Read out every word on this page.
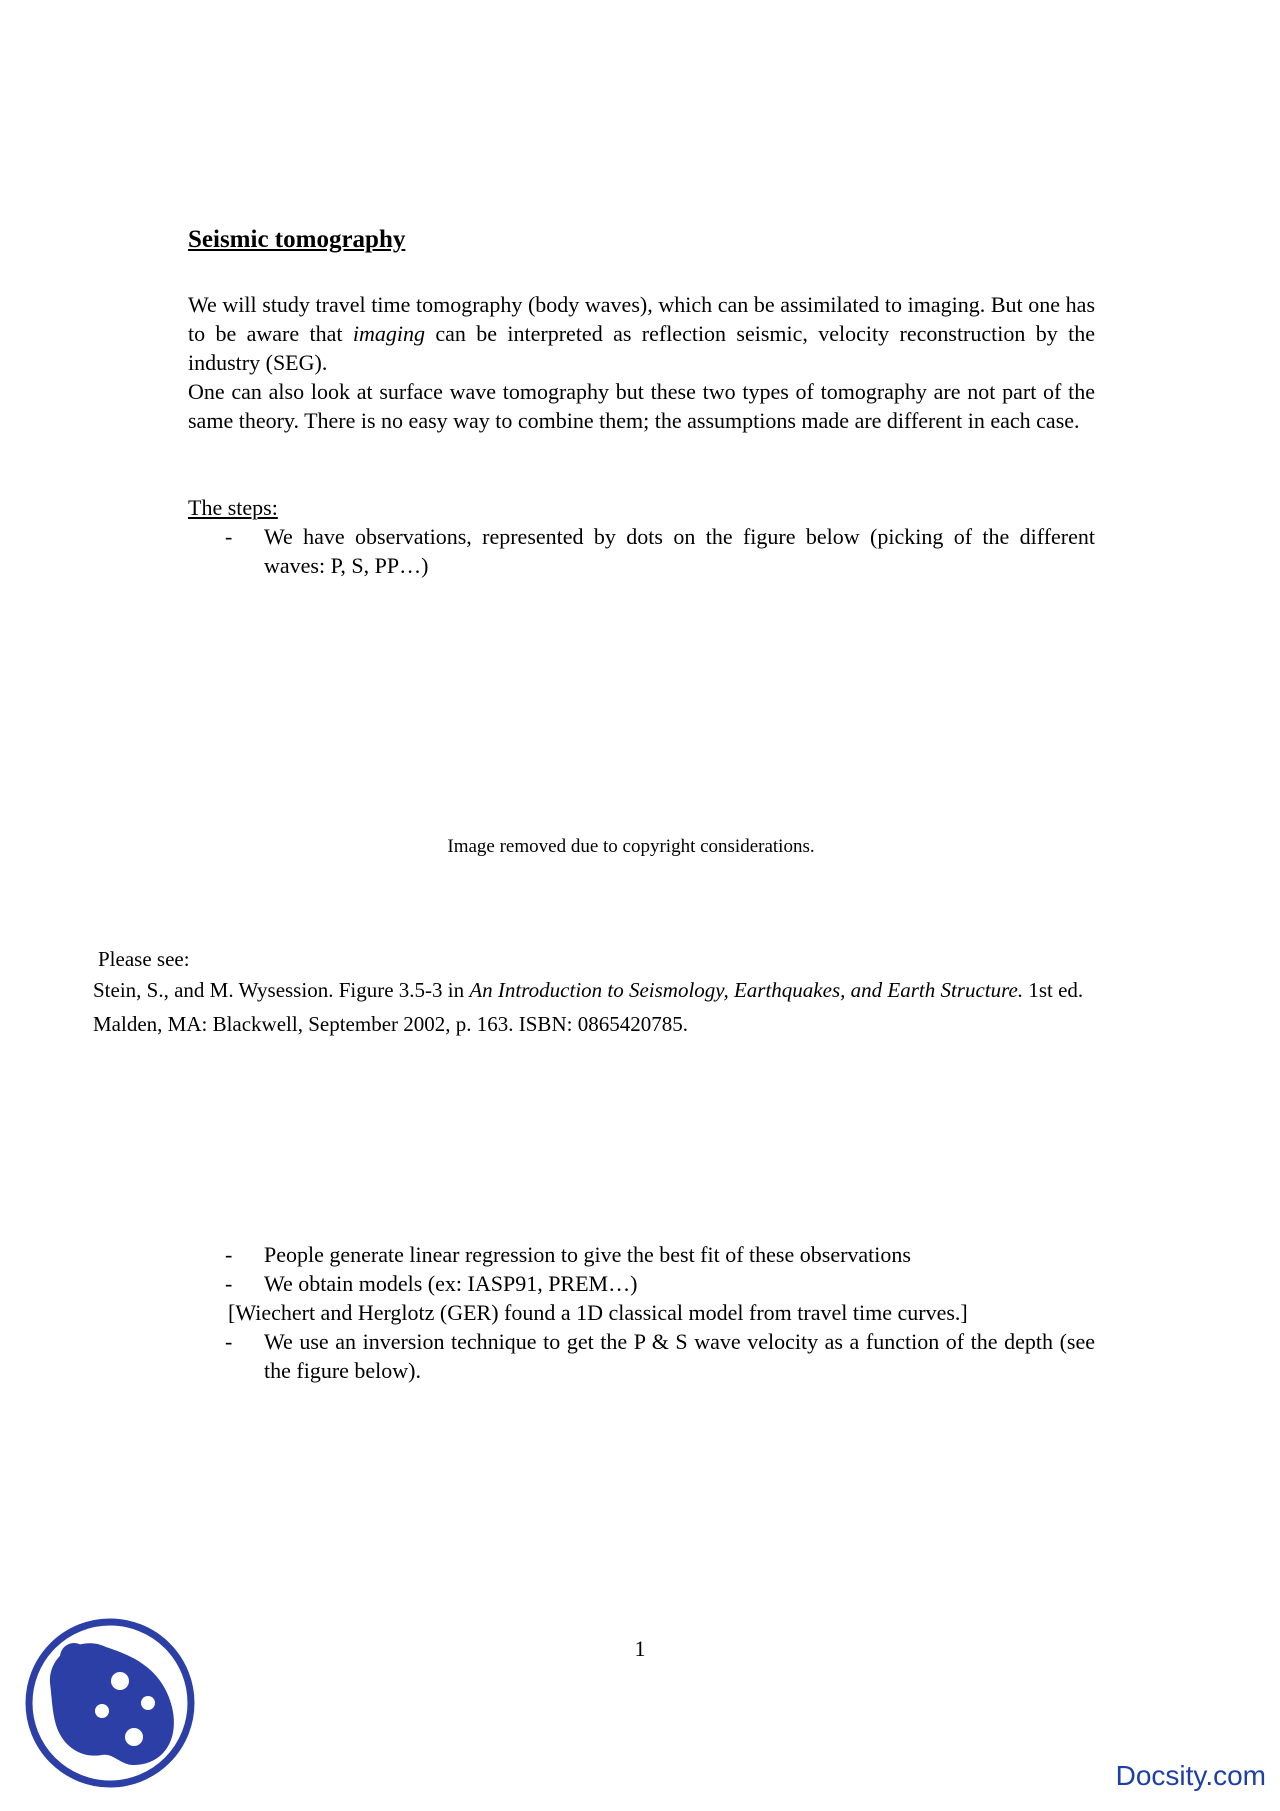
Seismic tomography

We will study travel time tomography (body waves), which can be assimilated to imaging. But one has to be aware that imaging can be interpreted as reflection seismic, velocity reconstruction by the industry (SEG).

One can also look at surface wave tomography but these two types of tomography are not part of the same theory. There is no easy way to combine them; the assumptions made are different in each case.

The steps:

- We have observations, represented by dots on the figure below (picking of the different waves: P, S, PP…)
Image removed due to copyright considerations.

Please see:

Stein, S., and M. Wysession. Figure 3.5-3 in An Introduction to Seismology, Earthquakes, and Earth Structure. 1st ed.

Malden, MA: Blackwell, September 2002, p. 163. ISBN: 0865420785.

- People generate linear regression to give the best fit of these observations
- We obtain models (ex: IASP91, PREM…)

[Wiechert and Herglotz (GER) found a 1D classical model from travel time curves.]

- We use an inversion technique to get the P & S wave velocity as a function of the depth (see the figure below).
1
Docsity.com
